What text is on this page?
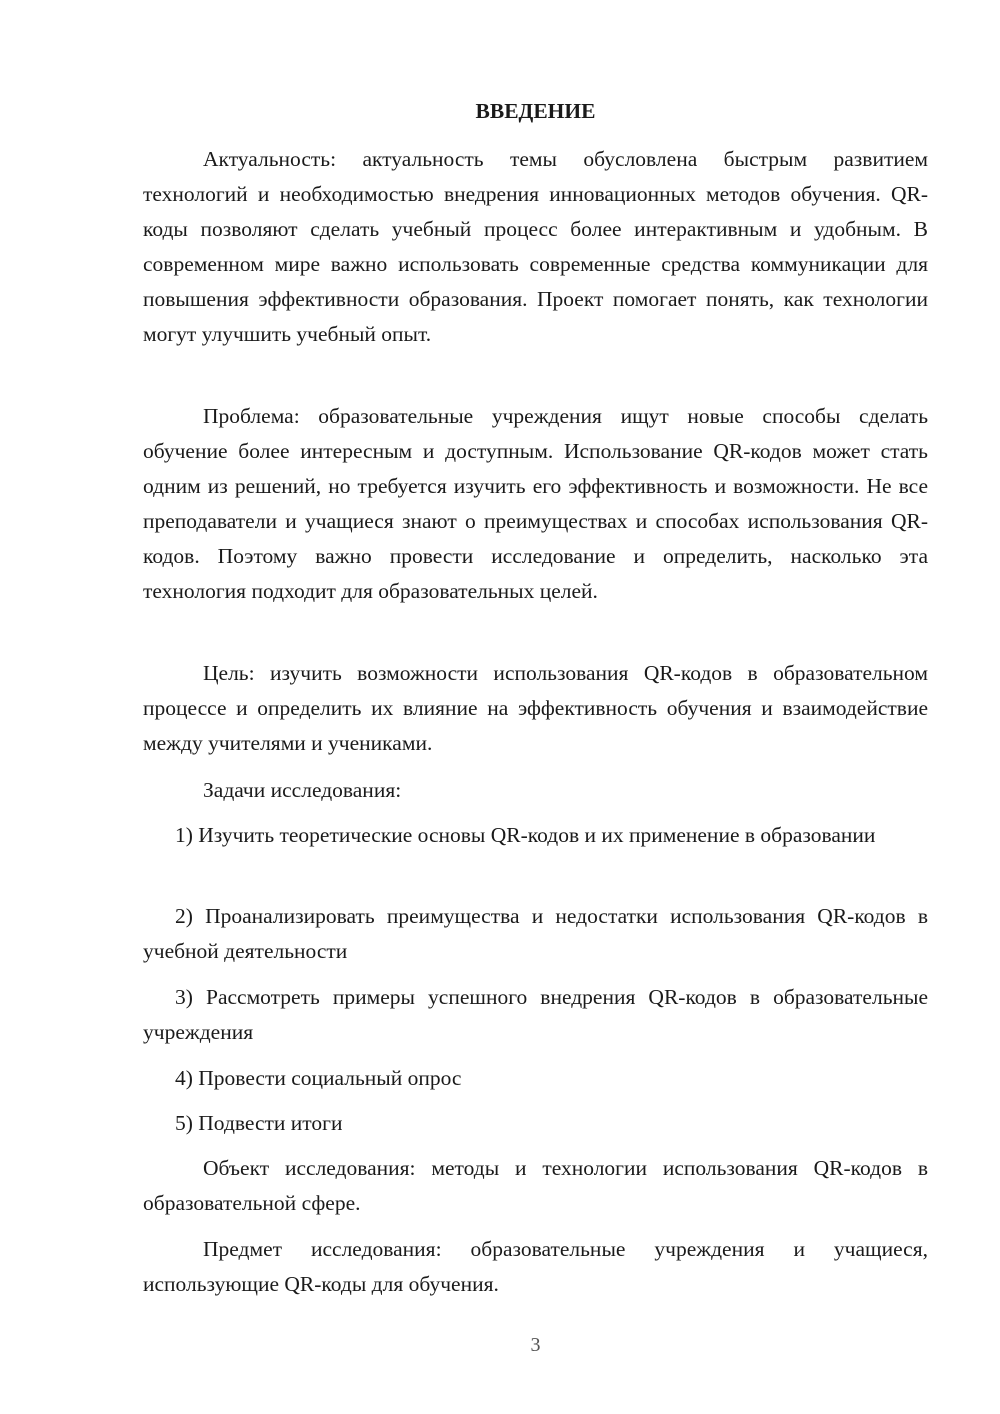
ВВЕДЕНИЕ

Актуальность: актуальность темы обусловлена быстрым развитием технологий и необходимостью внедрения инновационных методов обучения. QR-коды позволяют сделать учебный процесс более интерактивным и удобным. В современном мире важно использовать современные средства коммуникации для повышения эффективности образования. Проект помогает понять, как технологии могут улучшить учебный опыт.

Проблема: образовательные учреждения ищут новые способы сделать обучение более интересным и доступным. Использование QR-кодов может стать одним из решений, но требуется изучить его эффективность и возможности. Не все преподаватели и учащиеся знают о преимуществах и способах использования QR-кодов. Поэтому важно провести исследование и определить, насколько эта технология подходит для образовательных целей.

Цель: изучить возможности использования QR-кодов в образовательном процессе и определить их влияние на эффективность обучения и взаимодействие между учителями и учениками.

Задачи исследования:

1) Изучить теоретические основы QR-кодов и их применение в образовании

2) Проанализировать преимущества и недостатки использования QR-кодов в учебной деятельности

3) Рассмотреть примеры успешного внедрения QR-кодов в образовательные учреждения

4) Провести социальный опрос

5) Подвести итоги

Объект исследования: методы и технологии использования QR-кодов в образовательной сфере.

Предмет исследования: образовательные учреждения и учащиеся, использующие QR-коды для обучения.

3
